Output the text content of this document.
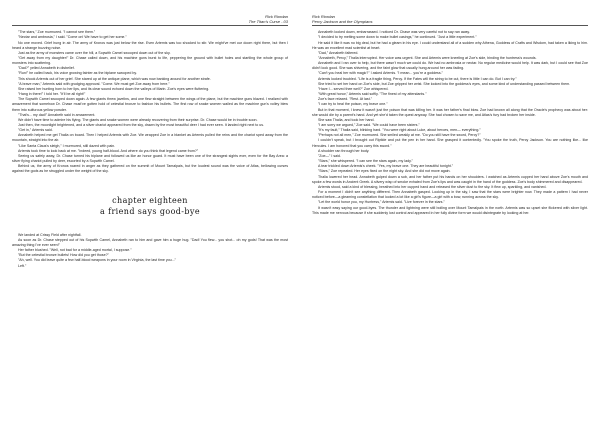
Rick Riordan
The Titan's Curse - 03

"The stars," Zoe murmured. "I cannot see them."

"Nectar and ambrosia," I said. "Come on! We have to get her some."

No one moved. Grief hung in air. The army of Kronos was just below the rise. Even Artemis was too shocked to stir. We might've met our doom right there, but then I heard a strange buzzing noise.

Just as the army of monsters came over the hill, a Sopwith Camel swooped down out of the sky.

"Get away from my daughter!" Dr. Chase called down, and his machine guns burst to life, peppering the ground with bullet holes and startling the whole group of monsters into scattering.

"Dad?" yelled Annabeth in disbelief.

"Run!" he called back, his voice growing fainter as the biplane swooped by.

This shook Artemis out of her grief. She stared up at the antique plane, which was now banking around for another strafe.

"A brave man," Artemis said with grudging approval. "Come. We must get Zoe away from here."

She raised her hunting horn to her lips, and its clear sound echoed down the valleys of Marin. Zoe's eyes were fluttering.

"Hang in there!" I told her. "It'll be all right!"

The Sopwith Camel swooped down again. A few giants threw javelins, and one flew straight between the wings of the plane, but the machine guns blazed. I realized with amazement that somehow Dr. Chase must've gotten hold of celestial bronze to fashion his bullets. The first row of snake women wailed as the machine gun's volley blew them into sulfurous yellow powder.

"That's... my dad!" Annabeth said in amazement.

We didn't have time to admire his flying. The giants and snake women were already recovering from their surprise. Dr. Chase would be in trouble soon.

Just then, the moonlight brightened, and a silver chariot appeared from the sky, drawn by the most beautiful deer I had ever seen. It landed right next to us.

"Get in," Artemis said.

Annabeth helped me get Thalia on board. Then I helped Artemis with Zoe. We wrapped Zoe in a blanket as Artemis pulled the reins and the chariot sped away from the mountain, straight into the air.

"Like Santa Claus's sleigh," I murmured, still dazed with pain.

Artemis took time to look back at me. "Indeed, young half-blood. And where do you think that legend came from?"

Seeing us safely away, Dr. Chase turned his biplane and followed us like an honor guard. It must have been one of the strangest sights ever, even for the Bay Area: a silver flying chariot pulled by deer, escorted by a Sopwith Camel.

Behind us, the army of Kronos roared in anger as they gathered on the summit of Mount Tamalpais, but the loudest sound was the voice of Atlas, bellowing curses against the gods as he struggled under the weight of the sky.

chapter eighteen
a friend says good-bye

We landed at Crissy Field after nightfall.

As soon as Dr. Chase stepped out of his Sopwith Camel, Annabeth ran to him and gave him a huge hug. "Dad! You flew... you shot... oh my gods! That was the most amazing thing I've ever seen!"

Her father blushed. "Well, not bad for a middle-aged mortal, I suppose."

"But the celestial bronze bullets! How did you get those?"

"Ah, well. You did leave quite a few half-blood weapons in your room in Virginia, the last time you..."

Left."

Rick Riordan
Percy Jackson and the Olympians

Annabeth looked down, embarrassed. I noticed Dr. Chase was very careful not to say ran away.

"I decided to try melting some down to make bullet casings," he continued. "Just a little experiment."

He said it like it was no big deal, but he had a gleam in his eye. I could understand all of a sudden why Athena, Goddess of Crafts and Wisdom, had taken a liking to him. He was an excellent mad scientist at heart.

"Dad," Annabeth faltered.

"Annabeth, Percy," Thalia interrupted. Her voice was urgent. She and Artemis were kneeling at Zoe's side, binding the huntress's wounds.

Annabeth and I ran over to help, but there wasn't much we could do. We had no ambrosia or nectar. No regular medicine would help. It was dark, but I could see that Zoe didn't look good. She was shivering, and the faint glow that usually hung around her was fading.

"Can't you heal her with magic?" I asked Artemis. "I mean... you're a goddess."

Artemis looked troubled. "Life is a fragile thing, Percy. If the Fates will the string to be cut, there is little I can do. But I can try."

She tried to set her hand on Zoe's side, but Zoe gripped her wrist. She looked into the goddess's eyes, and some kind of understanding passed between them.

"Have I... served thee well?" Zoe whispered.

"With great honor," Artemis said softly. "The finest of my attendants."

Zoe's face relaxed. "Rest. At last."

"I can try to heal the poison, my brave one."

But in that moment, I knew it wasn't just the poison that was killing her. It was her father's final blow. Zoe had known all along that the Oracle's prophecy was about her: she would die by a parent's hand. And yet she'd taken the quest anyway. She had chosen to save me, and Atlas's fury had broken her inside.

She saw Thalia, and took her hand.

"I am sorry we argued," Zoe said. "We could have been sisters."

"It's my fault," Thalia said, blinking hard. "You were right about Luke, about heroes, men— everything."

"Perhaps not all men," Zoe murmured. She smiled weakly at me. "Do you still have the sword, Percy?"

I couldn't speak, but I brought out Riptide and put the pen in her hand. She grasped it contentedly. "You spoke the truth, Percy Jackson. You are nothing like... like Hercules. I am honored that you carry this sword."

A shudder ran through her body.

"Zoe—" I said.

"Stars," she whispered. "I can see the stars again, my lady."

A tear trickled down Artemis's cheek. "Yes, my brave one. They are beautiful tonight."

"Stars," Zoe repeated. Her eyes fixed on the night sky. And she did not move again.

Thalia lowered her head. Annabeth gulped down a sob, and her father put his hands on her shoulders. I watched as Artemis cupped her hand above Zoe's mouth and spoke a few words in Ancient Greek. A silvery wisp of smoke exhaled from Zoe's lips and was caught in the hand of the goddess. Zoe's body shimmered and disappeared.

Artemis stood, said a kind of blessing, breathed into her cupped hand and released the silver dust to the sky. It flew up, sparkling, and vanished.

For a moment I didn't see anything different. Then Annabeth gasped. Looking up in the sky, I saw that the stars were brighter now. They made a pattern I had never noticed before—a gleaming constellation that looked a lot like a girl's figure—a girl with a bow, running across the sky.

"Let the world honor you, my Huntress," Artemis said. "Live forever in the stars."

It wasn't easy saying our good-byes. The thunder and lightning were still boiling over Mount Tamalpais in the north. Artemis was so upset she flickered with silver light. This made me nervous because if she suddenly lost control and appeared in her fully divine form we would disintegrate by looking at her.
